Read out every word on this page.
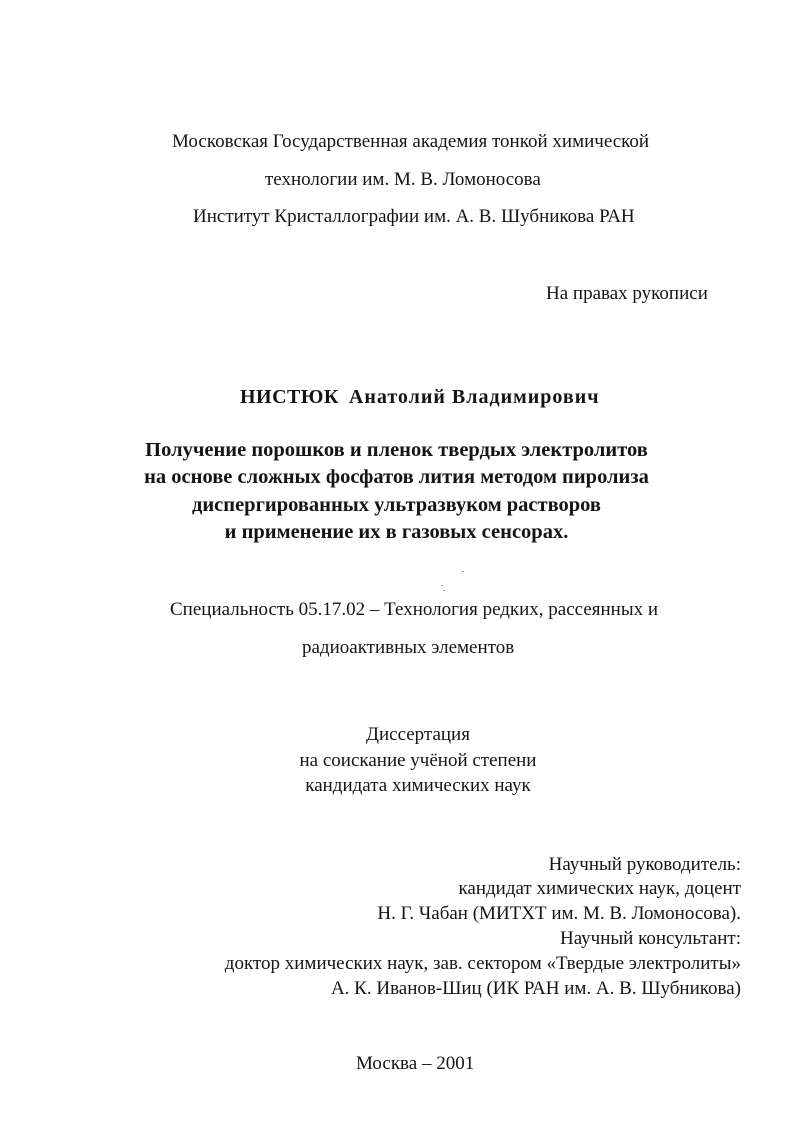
Московская Государственная академия тонкой химической
технологии им. М. В. Ломоносова
Институт Кристаллографии им. А. В. Шубникова РАН
На правах рукописи
НИСТЮК Анатолий Владимирович
Получение порошков и пленок твердых электролитов
на основе сложных фосфатов лития методом пиролиза
диспергированных ультразвуком растворов
и применение их в газовых сенсорах.
Специальность 05.17.02 – Технология редких, рассеянных и
радиоактивных элементов
Диссертация
на соискание учёной степени
кандидата химических наук
Научный руководитель:
кандидат химических наук, доцент
Н. Г. Чабан (МИТХТ им. М. В. Ломоносова).
Научный консультант:
доктор химических наук, зав. сектором «Твердые электролиты»
А. К. Иванов-Шиц (ИК РАН им. А. В. Шубникова)
Москва – 2001
